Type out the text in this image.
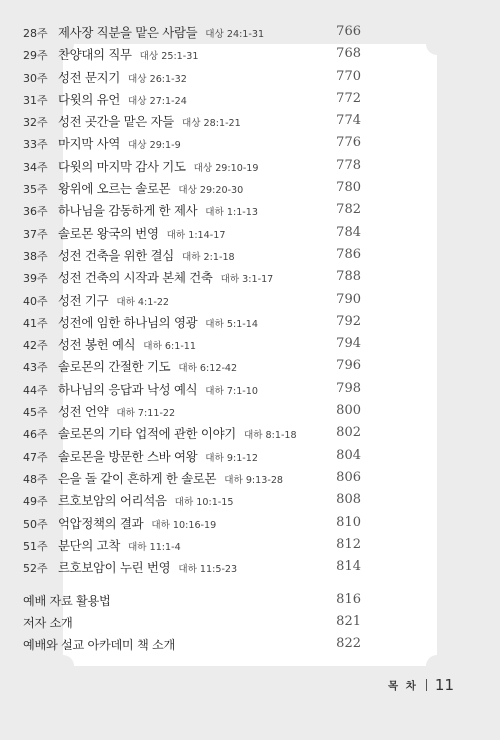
28주 제사장 직분을 맡은 사람들 대상 24:1-31	766
29주 찬양대의 직무 대상 25:1-31	768
30주 성전 문지기 대상 26:1-32	770
31주 다윗의 유언 대상 27:1-24	772
32주 성전 곳간을 맡은 자들 대상 28:1-21	774
33주 마지막 사역 대상 29:1-9	776
34주 다윗의 마지막 감사 기도 대상 29:10-19	778
35주 왕위에 오르는 솔로몬 대상 29:20-30	780
36주 하나님을 감동하게 한 제사 대하 1:1-13	782
37주 솔로몬 왕국의 번영 대하 1:14-17	784
38주 성전 건축을 위한 결심 대하 2:1-18	786
39주 성전 건축의 시작과 본체 건축 대하 3:1-17	788
40주 성전 기구 대하 4:1-22	790
41주 성전에 임한 하나님의 영광 대하 5:1-14	792
42주 성전 봉헌 예식 대하 6:1-11	794
43주 솔로몬의 간절한 기도 대하 6:12-42	796
44주 하나님의 응답과 낙성 예식 대하 7:1-10	798
45주 성전 언약 대하 7:11-22	800
46주 솔로몬의 기타 업적에 관한 이야기 대하 8:1-18	802
47주 솔로몬을 방문한 스바 여왕 대하 9:1-12	804
48주 은을 돌 같이 흔하게 한 솔로몬 대하 9:13-28	806
49주 르호보암의 어리석음 대하 10:1-15	808
50주 억압정책의 결과 대하 10:16-19	810
51주 분단의 고착 대하 11:1-4	812
52주 르호보암이 누린 번영 대하 11:5-23	814
예배 자료 활용법	816
저자 소개	821
예배와 설교 아카데미 책 소개	822
목 차 11
